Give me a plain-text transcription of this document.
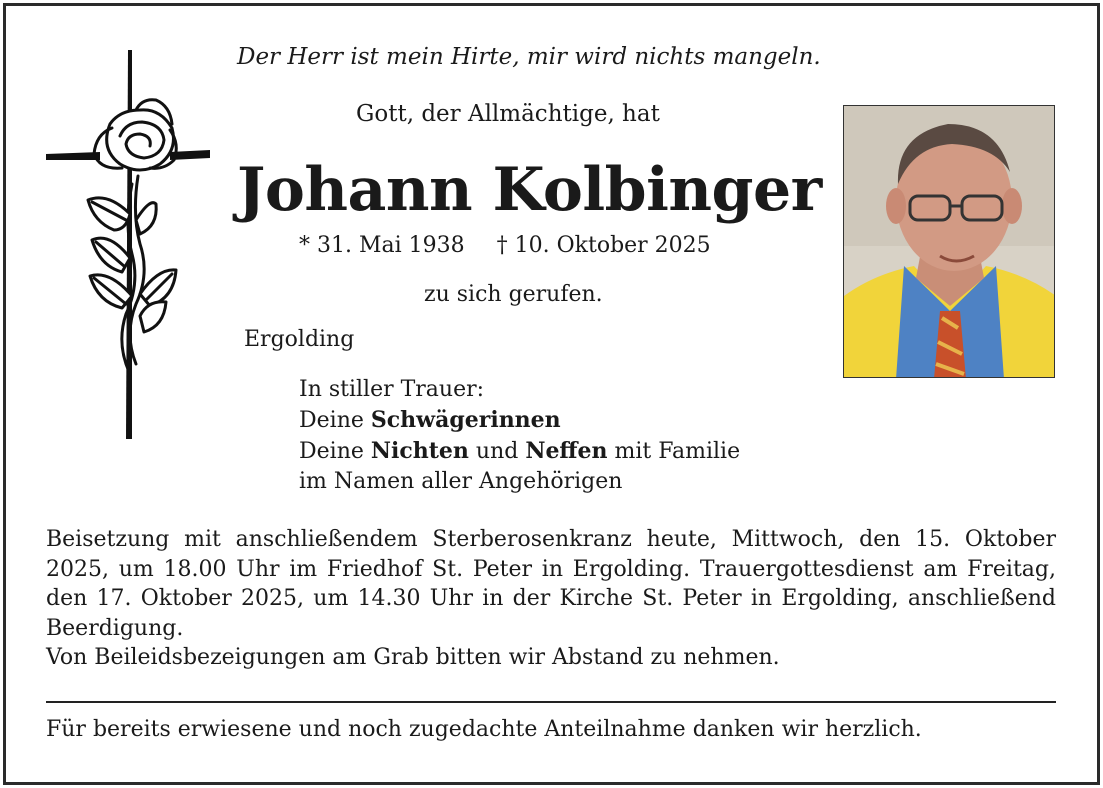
Der Herr ist mein Hirte, mir wird nichts mangeln.
Gott, der Allmächtige, hat
Johann Kolbinger
* 31. Mai 1938 † 10. Oktober 2025
zu sich gerufen.
Ergolding
In stiller Trauer:
Deine Schwägerinnen
Deine Nichten und Neffen mit Familie
im Namen aller Angehörigen
Beisetzung mit anschließendem Sterberosenkranz heute, Mittwoch, den 15. Oktober 2025, um 18.00 Uhr im Friedhof St. Peter in Ergolding. Trauergottesdienst am Freitag, den 17. Oktober 2025, um 14.30 Uhr in der Kirche St. Peter in Ergolding, anschließend Beerdigung.
Von Beileidsbezeigungen am Grab bitten wir Abstand zu nehmen.
Für bereits erwiesene und noch zugedachte Anteilnahme danken wir herzlich.
